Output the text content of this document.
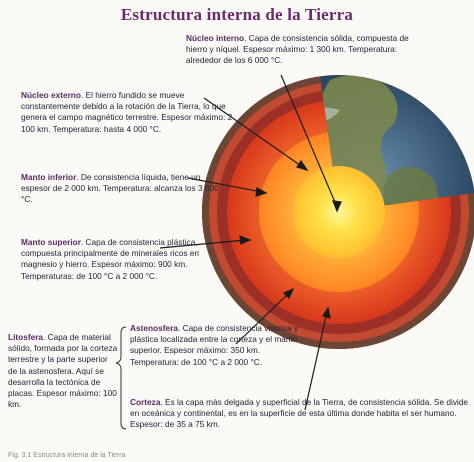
Estructura interna de la Tierra
Núcleo interno. Capa de consistencia sólida, compuesta de hierro y níquel. Espesor máximo: 1 300 km. Temperatura: alrededor de los 6 000 °C.
Núcleo externo. El hierro fundido se mueve constantemente debido a la rotación de la Tierra, lo que genera el campo magnético terrestre. Espesor máximo: 2 100 km. Temperatura: hasta 4 000 °C.
Manto inferior. De consistencia líquida, tiene un espesor de 2 000 km. Temperatura: alcanza los 3 500 °C.
Manto superior. Capa de consistencia plástica, compuesta principalmente de minerales ricos en magnesio y hierro. Espesor máximo: 900 km. Temperaturas: de 100 °C a 2 000 °C.
Litosfera. Capa de material sólido, formada por la corteza terrestre y la parte superior de la astenosfera. Aquí se desarrolla la tectónica de placas. Espesor máximo: 100 km.
Astenosfera. Capa de consistencia viscosa y plástica localizada entre la corteza y el manto superior. Espesor máximo: 350 km. Temperatura: de 100 °C a 2 000 °C.
Corteza. Es la capa más delgada y superficial de la Tierra, de consistencia sólida. Se divide en oceánica y continental, es en la superficie de esta última donde habita el ser humano. Espesor: de 35 a 75 km.
Fig. 3.1 Estructura interna de la Tierra
